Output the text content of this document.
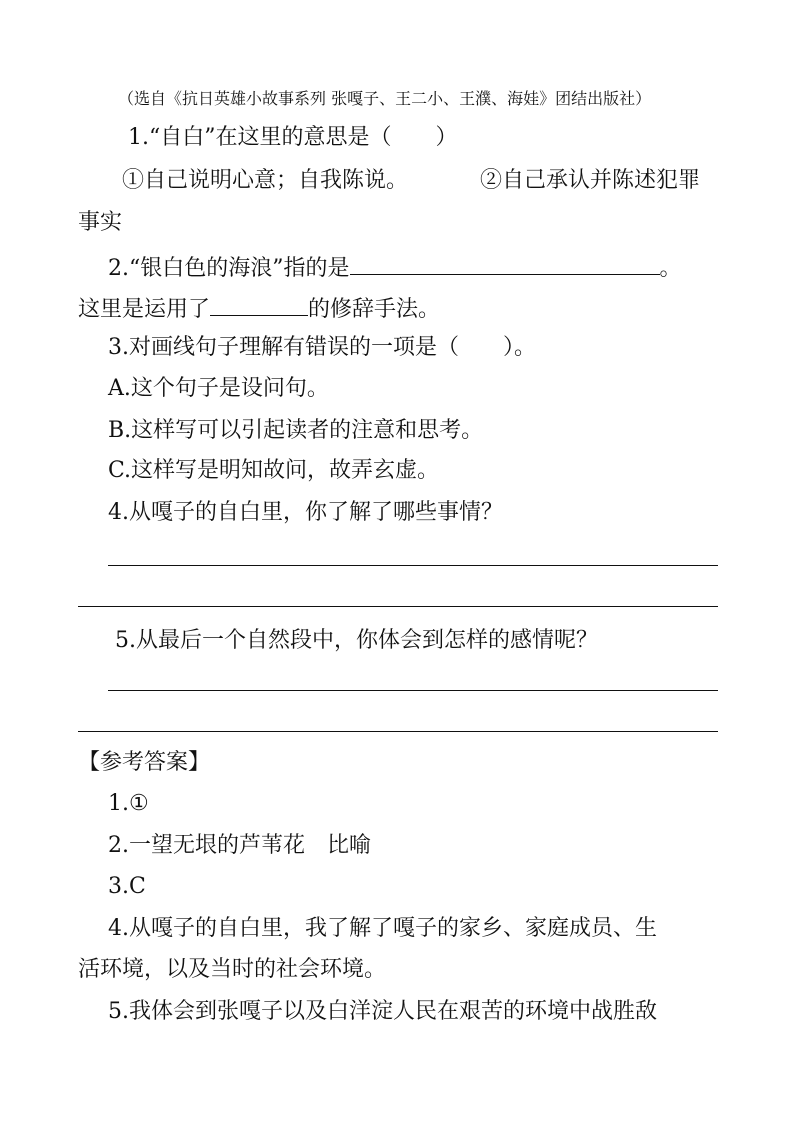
（选自《抗日英雄小故事系列 张嘎子、王二小、王濮、海娃》团结出版社）
1.“自白”在这里的意思是（　　）
①自己说明心意；自我陈说。	②自己承认并陈述犯罪
事实
2.“银白色的海浪”指的是	。
这里是运用了	的修辞手法。
3.对画线句子理解有错误的一项是（　　）。
A.这个句子是设问句。
B.这样写可以引起读者的注意和思考。
C.这样写是明知故问，故弄玄虚。
4.从嘎子的自白里，你了解了哪些事情？
5.从最后一个自然段中，你体会到怎样的感情呢？
【参考答案】
1.①
2.一望无垠的芦苇花　比喻
3.C
4.从嘎子的自白里，我了解了嘎子的家乡、家庭成员、生
活环境，以及当时的社会环境。
5.我体会到张嘎子以及白洋淀人民在艰苦的环境中战胜敌
